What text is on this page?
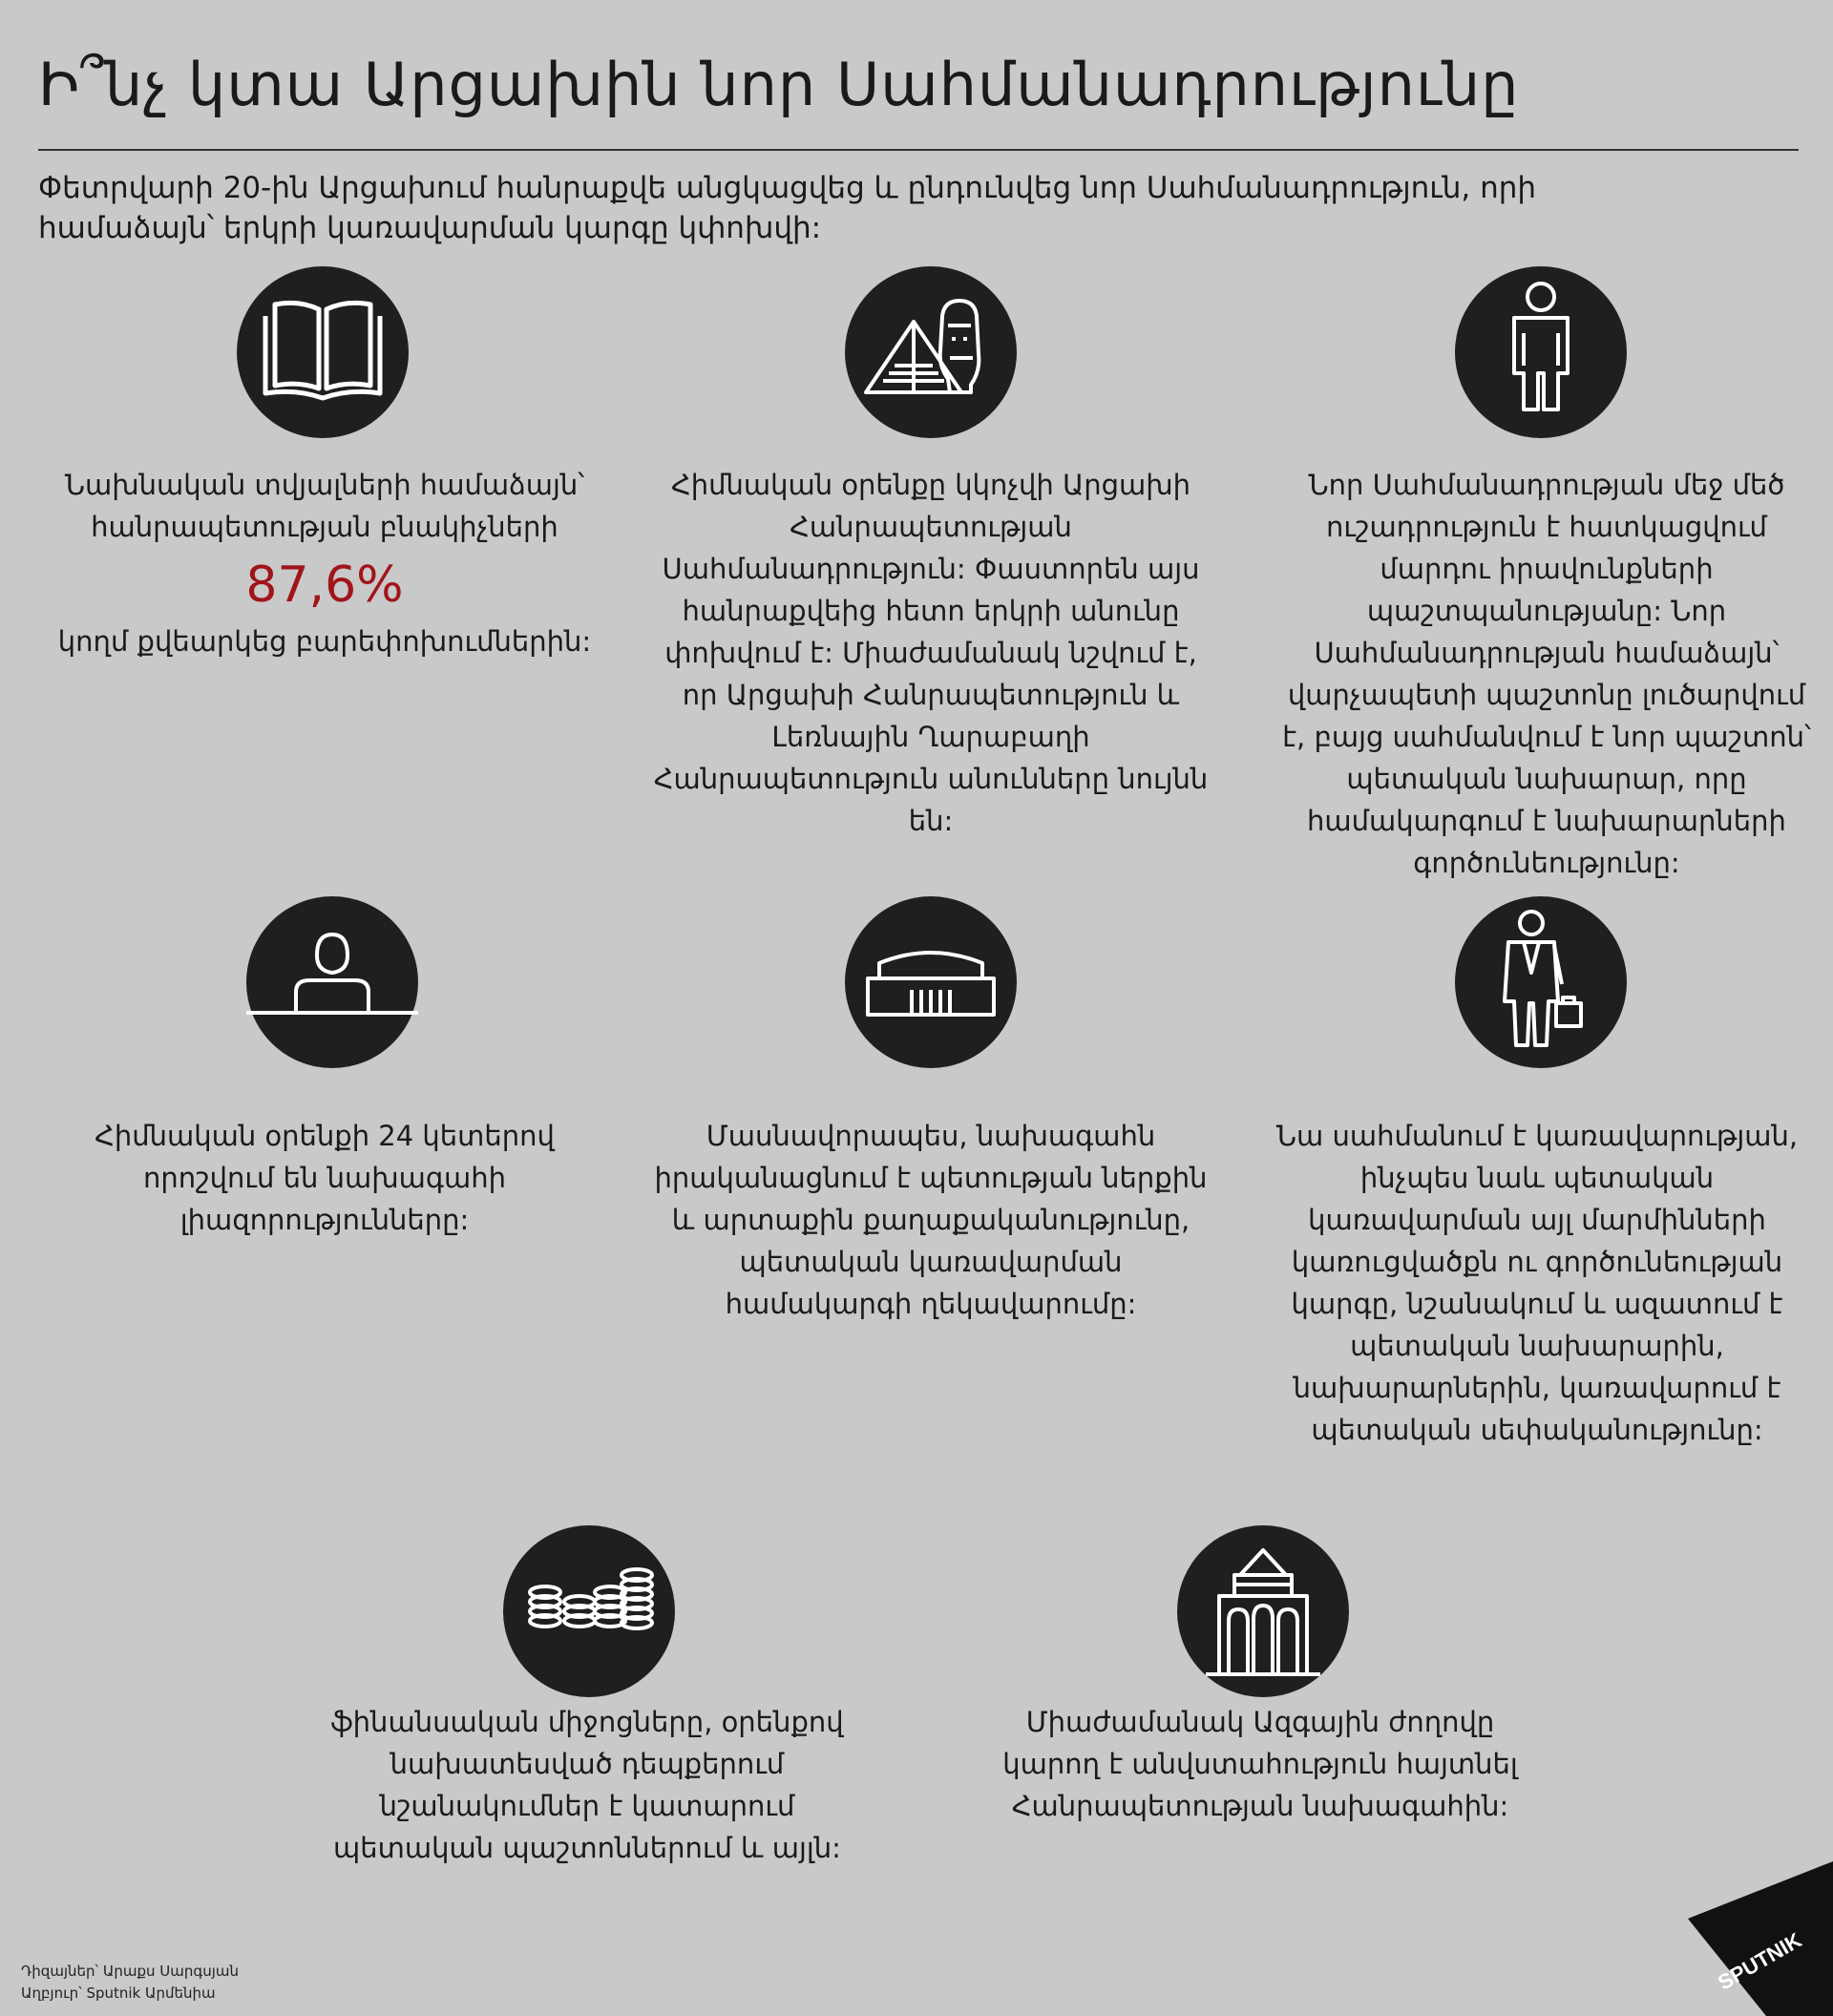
Ի՞նչ կտա Արցախին նոր Սահմանադրությունը
Փետրվարի 20-ին Արցախում հանրաքվե անցկացվեց և ընդունվեց նոր Սահմանադրություն, որի համաձայն՝ երկրի կառավարման կարգը կփոխվի:
Նախնական տվյալների համաձայն՝ հանրապետության բնակիչների
87,6%
կողմ քվեարկեց բարեփոխումներին:
Հիմնական օրենքը կկոչվի Արցախի Հանրապետության Սահմանադրություն: Փաստորեն այս հանրաքվեից հետո երկրի անունը փոխվում է: Միաժամանակ նշվում է, որ Արցախի Հանրապետություն և Լեռնային Ղարաբաղի Հանրապետություն անունները նույնն են:
Նոր Սահմանադրության մեջ մեծ ուշադրություն է հատկացվում մարդու իրավունքների պաշտպանությանը: Նոր Սահմանադրության համաձայն՝ վարչապետի պաշտոնը լուծարվում է, բայց սահմանվում է նոր պաշտոն՝ պետական նախարար, որը համակարգում է նախարարների գործունեությունը:
Հիմնական օրենքի 24 կետերով որոշվում են նախագահի լիազորությունները:
Մասնավորապես, նախագահն իրականացնում է պետության ներքին և արտաքին քաղաքականությունը, պետական կառավարման համակարգի ղեկավարումը:
Նա սահմանում է կառավարության, ինչպես նաև պետական կառավարման այլ մարմինների կառուցվածքն ու գործունեության կարգը, նշանակում և ազատում է պետական նախարարին, նախարարներին, կառավարում է պետական սեփականությունը:
ֆինանսական միջոցները, օրենքով նախատեսված դեպքերում նշանակումներ է կատարում պետական պաշտոններում և այլն:
Միաժամանակ Ազգային ժողովը կարող է անվստահություն հայտնել Հանրապետության նախագահին:
Դիզայներ՝ Արաքս Սարգսյան
Աղբյուր՝ Sputnik Արմենիա	SPUTNIK
